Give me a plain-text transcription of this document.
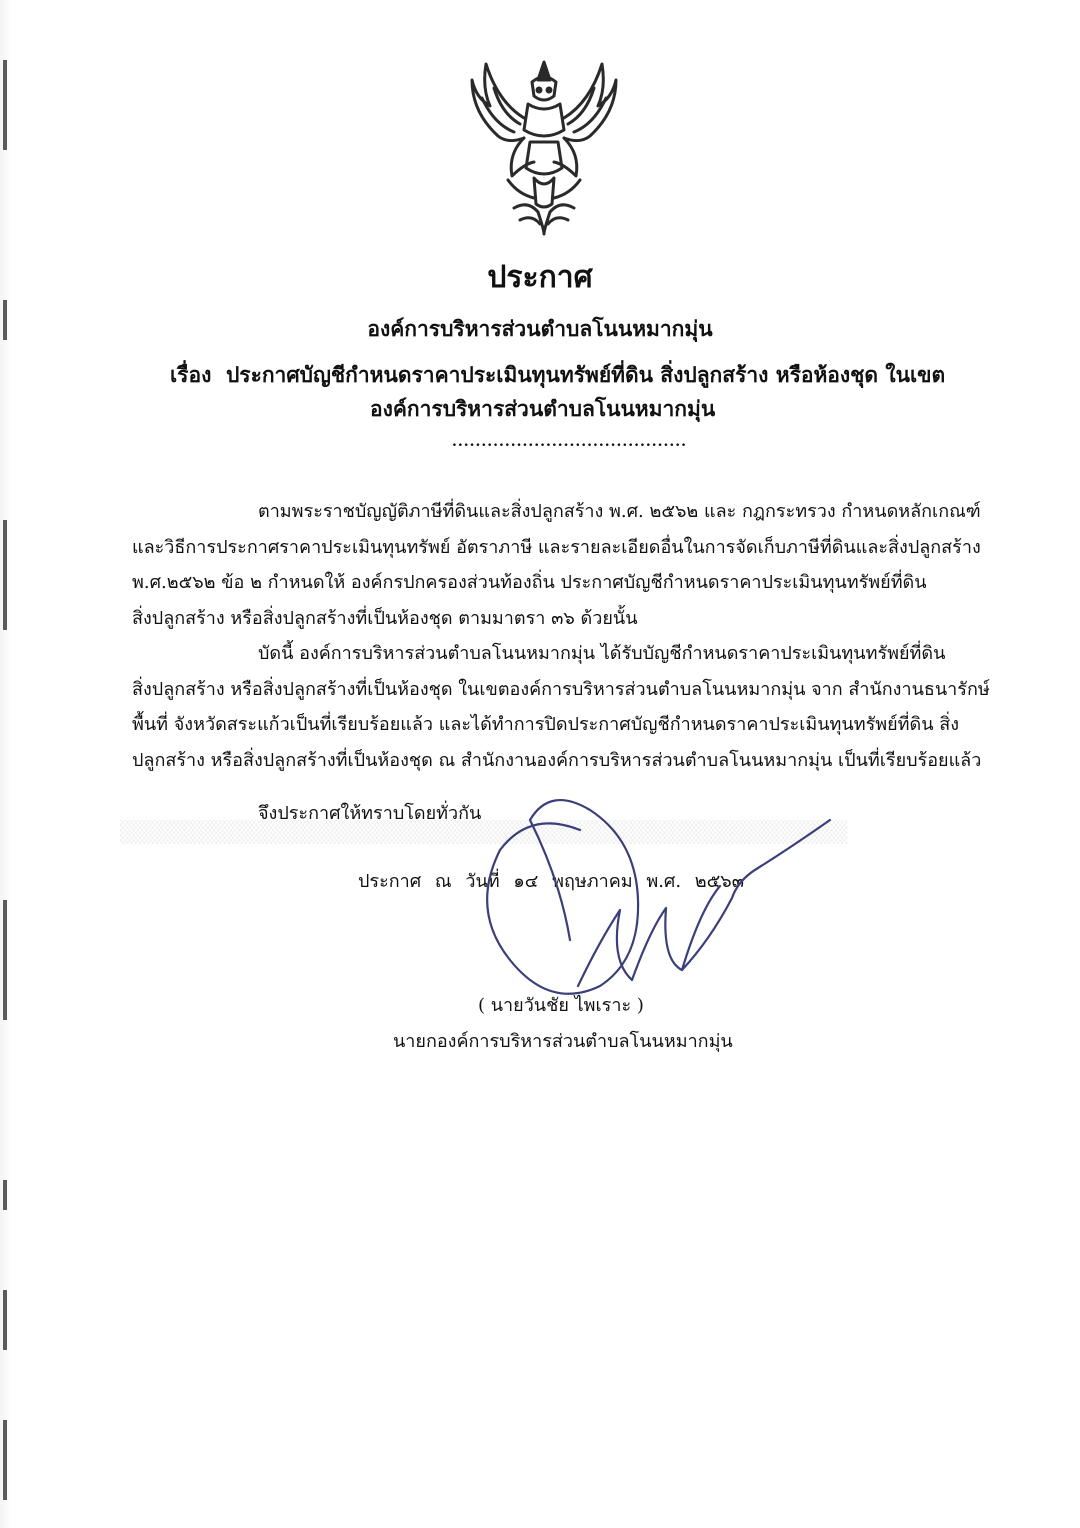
▒▒▒▒▒▒▒▒▒▒▒▒▒▒▒▒▒▒▒▒▒▒▒▒▒▒▒▒▒▒▒▒▒▒▒▒▒▒▒▒▒▒▒
ประกาศ
องค์การบริหารส่วนตำบลโนนหมากมุ่น
เรื่อง ประกาศบัญชีกำหนดราคาประเมินทุนทรัพย์ที่ดิน สิ่งปลูกสร้าง หรือห้องชุด ในเขต
องค์การบริหารส่วนตำบลโนนหมากมุ่น
........................................
ตามพระราชบัญญัติภาษีที่ดินและสิ่งปลูกสร้าง พ.ศ. ๒๕๖๒ และ กฎกระทรวง กำหนดหลักเกณฑ์
และวิธีการประกาศราคาประเมินทุนทรัพย์ อัตราภาษี และรายละเอียดอื่นในการจัดเก็บภาษีที่ดินและสิ่งปลูกสร้าง
พ.ศ.๒๕๖๒ ข้อ ๒ กำหนดให้ องค์กรปกครองส่วนท้องถิ่น ประกาศบัญชีกำหนดราคาประเมินทุนทรัพย์ที่ดิน
สิ่งปลูกสร้าง หรือสิ่งปลูกสร้างที่เป็นห้องชุด ตามมาตรา ๓๖ ด้วยนั้น
บัดนี้ องค์การบริหารส่วนตำบลโนนหมากมุ่น ได้รับบัญชีกำหนดราคาประเมินทุนทรัพย์ที่ดิน
สิ่งปลูกสร้าง หรือสิ่งปลูกสร้างที่เป็นห้องชุด ในเขตองค์การบริหารส่วนตำบลโนนหมากมุ่น จาก สำนักงานธนารักษ์
พื้นที่ จังหวัดสระแก้วเป็นที่เรียบร้อยแล้ว และได้ทำการปิดประกาศบัญชีกำหนดราคาประเมินทุนทรัพย์ที่ดิน สิ่ง
ปลูกสร้าง หรือสิ่งปลูกสร้างที่เป็นห้องชุด ณ สำนักงานองค์การบริหารส่วนตำบลโนนหมากมุ่น เป็นที่เรียบร้อยแล้ว
จึงประกาศให้ทราบโดยทั่วกัน
ประกาศ ณ วันที่ ๑๔ พฤษภาคม พ.ศ. ๒๕๖๓
( นายวันชัย ไพเราะ )
นายกองค์การบริหารส่วนตำบลโนนหมากมุ่น
